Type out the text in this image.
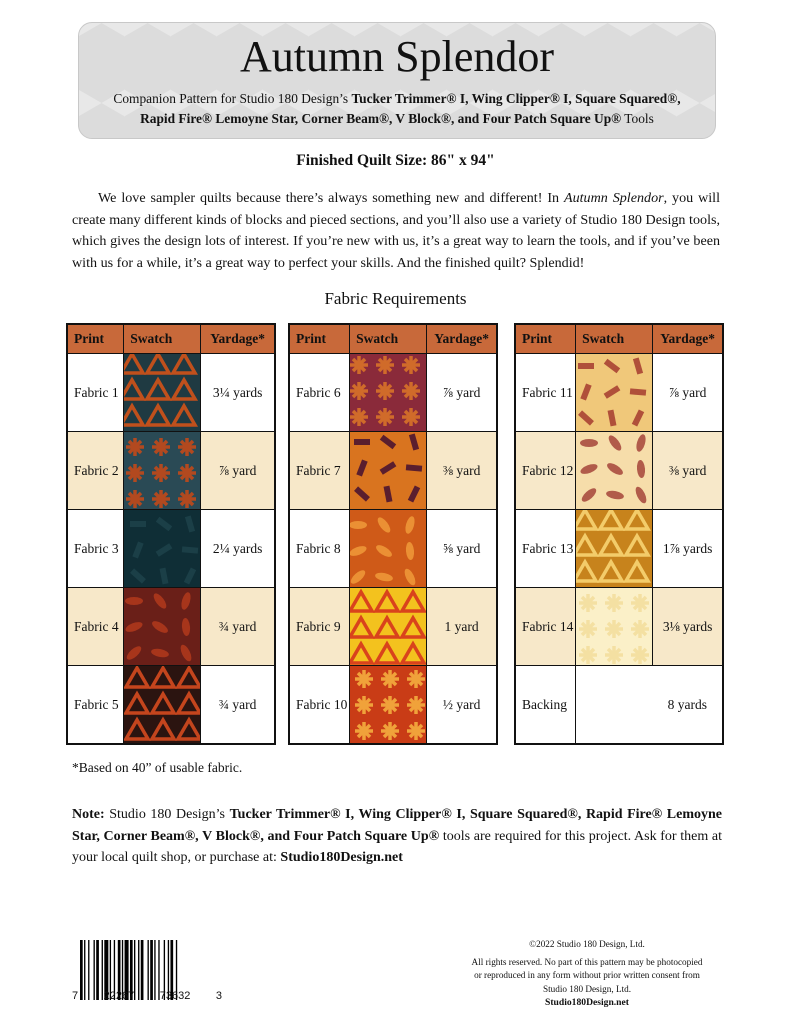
Autumn Splendor
Companion Pattern for Studio 180 Design’s Tucker Trimmer® I, Wing Clipper® I, Square Squared®,
Rapid Fire® Lemoyne Star, Corner Beam®, V Block®, and Four Patch Square Up® Tools
Finished Quilt Size: 86" x 94"

We love sampler quilts because there’s always something new and different! In Autumn Splendor, you will create many different kinds of blocks and pieced sections, and you’ll also use a variety of Studio 180 Design tools, which gives the design lots of interest. If you’re new with us, it’s a great way to learn the tools, and if you’ve been with us for a while, it’s a great way to perfect your skills. And the finished quilt? Splendid!

Fabric Requirements
Print	Swatch	Yardage*
Fabric 1		3¼ yards
Fabric 2		⅞ yard
Fabric 3		2¼ yards
Fabric 4		¾ yard
Fabric 5		¾ yard
Print	Swatch	Yardage*
Fabric 6		⅞ yard
Fabric 7		⅜ yard
Fabric 8		⅝ yard
Fabric 9		1 yard
Fabric 10		½ yard
Print	Swatch	Yardage*
Fabric 11		⅞ yard
Fabric 12		⅜ yard
Fabric 13		1⅞ yards
Fabric 14		3⅛ yards
Backing		8 yards
*Based on 40” of usable fabric.
Note: Studio 180 Design’s Tucker Trimmer® I, Wing Clipper® I, Square Squared®, Rapid Fire® Lemoyne Star, Corner Beam®, V Block®, and Four Patch Square Up® tools are required for this project. Ask for them at your local quilt shop, or purchase at: Studio180Design.net
7 22267 73632 3
©2022 Studio 180 Design, Ltd.
All rights reserved. No part of this pattern may be photocopied
or reproduced in any form without prior written consent from
Studio 180 Design, Ltd.
Studio180Design.net
